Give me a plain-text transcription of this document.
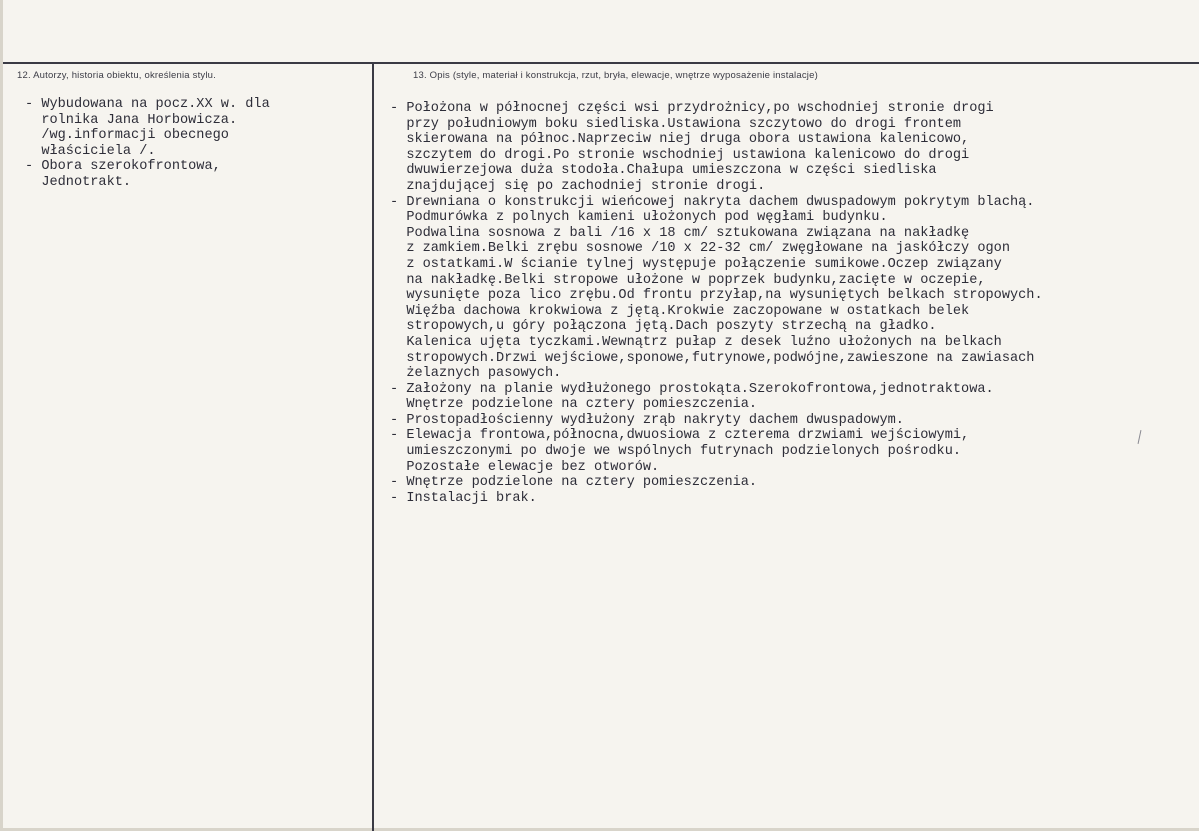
12. Autorzy, historia obiektu, określenia stylu.	13. Opis (style, materiał i konstrukcja, rzut, bryła, elewacje, wnętrze wyposażenie instalacje)
- Wybudowana na pocz.XX w. dla
rolnika Jana Horbowicza.
/wg.informacji obecnego
właściciela /.
- Obora szerokofrontowa,
Jednotrakt.
- Położona w północnej części wsi przydrożnicy,po wschodniej stronie drogi
przy południowym boku siedliska.Ustawiona szczytowo do drogi frontem
skierowana na północ.Naprzeciw niej druga obora ustawiona kalenicowo,
szczytem do drogi.Po stronie wschodniej ustawiona kalenicowo do drogi
dwuwierzejowa duża stodoła.Chałupa umieszczona w części siedliska
znajdującej się po zachodniej stronie drogi.
- Drewniana o konstrukcji wieńcowej nakryta dachem dwuspadowym pokrytym blachą.
Podmurówka z polnych kamieni ułożonych pod węgłami budynku.
Podwalina sosnowa z bali /16 x 18 cm/ sztukowana związana na nakładkę
z zamkiem.Belki zrębu sosnowe /10 x 22-32 cm/ zwęgłowane na jaskółczy ogon
z ostatkami.W ścianie tylnej występuje połączenie sumikowe.Oczep związany
na nakładkę.Belki stropowe ułożone w poprzek budynku,zacięte w oczepie,
wysunięte poza lico zrębu.Od frontu przyłap,na wysuniętych belkach stropowych.
Więźba dachowa krokwiowa z jętą.Krokwie zaczopowane w ostatkach belek
stropowych,u góry połączona jętą.Dach poszyty strzechą na gładko.
Kalenica ujęta tyczkami.Wewnątrz pułap z desek luźno ułożonych na belkach
stropowych.Drzwi wejściowe,sponowe,futrynowe,podwójne,zawieszone na zawiasach
żelaznych pasowych.
- Założony na planie wydłużonego prostokąta.Szerokofrontowa,jednotraktowa.
Wnętrze podzielone na cztery pomieszczenia.
- Prostopadłościenny wydłużony zrąb nakryty dachem dwuspadowym.
- Elewacja frontowa,północna,dwuosiowa z czterema drzwiami wejściowymi,
umieszczonymi po dwoje we wspólnych futrynach podzielonych pośrodku.
Pozostałe elewacje bez otworów.
- Wnętrze podzielone na cztery pomieszczenia.
- Instalacji brak.
